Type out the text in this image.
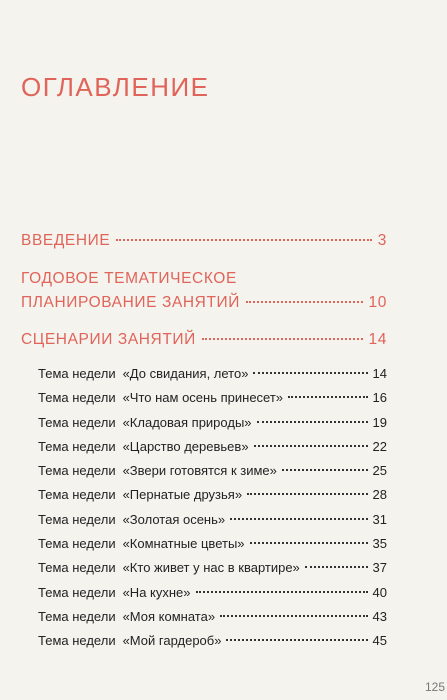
ОГЛАВЛЕНИЕ
ВВЕДЕНИЕ	3
ГОДОВОЕ ТЕМАТИЧЕСКОЕ
ПЛАНИРОВАНИЕ ЗАНЯТИЙ	10
СЦЕНАРИИ ЗАНЯТИЙ	14
Тема недели «До свидания, лето»	14
Тема недели «Что нам осень принесет»	16
Тема недели «Кладовая природы»	19
Тема недели «Царство деревьев»	22
Тема недели «Звери готовятся к зиме»	25
Тема недели «Пернатые друзья»	28
Тема недели «Золотая осень»	31
Тема недели «Комнатные цветы»	35
Тема недели «Кто живет у нас в квартире»	37
Тема недели «На кухне»	40
Тема недели «Моя комната»	43
Тема недели «Мой гардероб»	45
125
